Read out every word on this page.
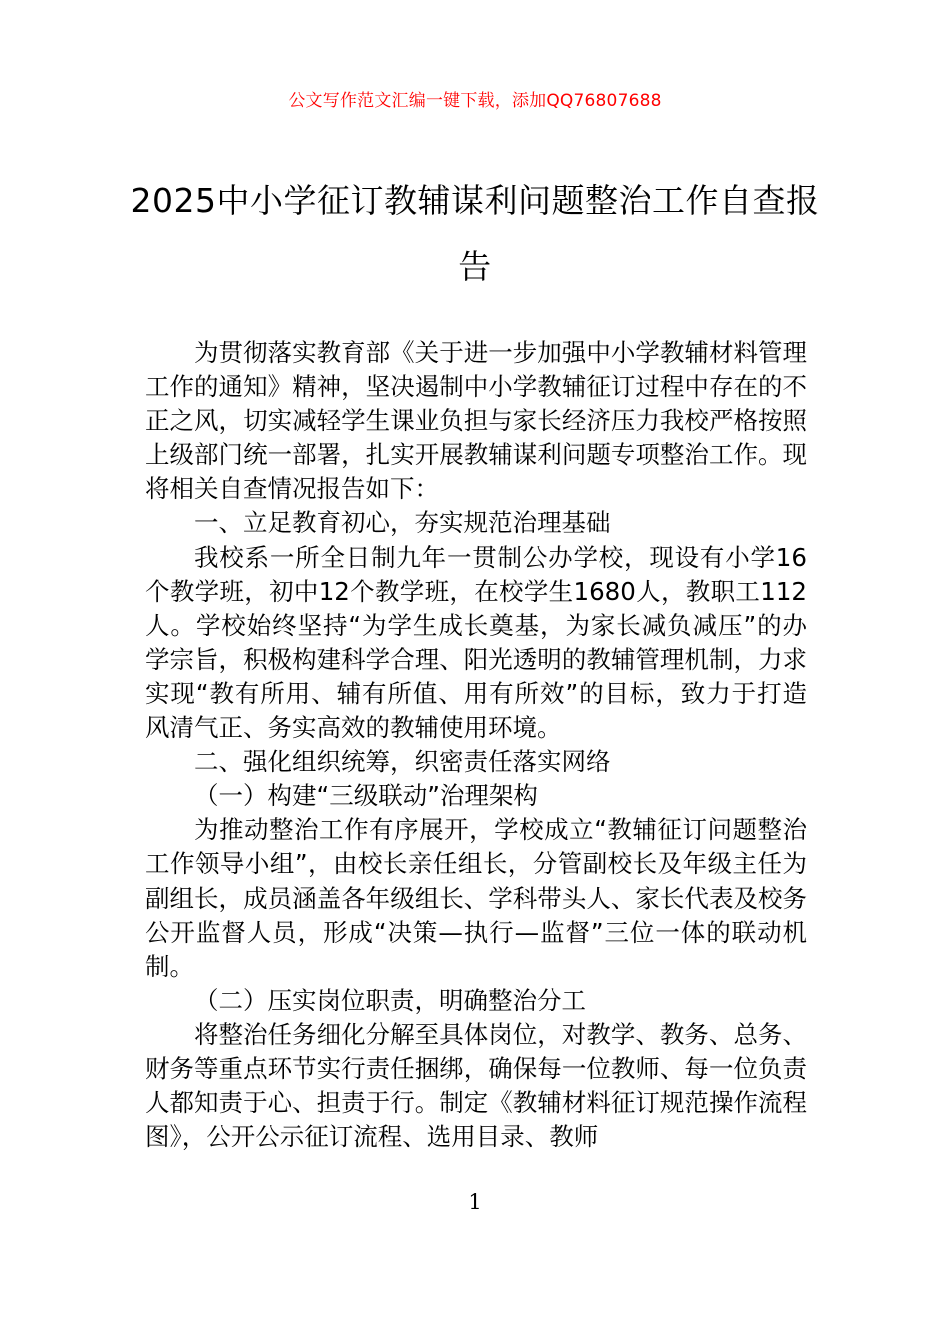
公文写作范文汇编一键下载，添加QQ76807688
2025中小学征订教辅谋利问题整治工作自查报告

为贯彻落实教育部《关于进一步加强中小学教辅材料管理工作的通知》精神，坚决遏制中小学教辅征订过程中存在的不正之风，切实减轻学生课业负担与家长经济压力我校严格按照上级部门统一部署，扎实开展教辅谋利问题专项整治工作。现将相关自查情况报告如下：

一、立足教育初心，夯实规范治理基础

我校系一所全日制九年一贯制公办学校，现设有小学16个教学班，初中12个教学班，在校学生1680人，教职工112人。学校始终坚持“为学生成长奠基，为家长减负减压”的办学宗旨，积极构建科学合理、阳光透明的教辅管理机制，力求实现“教有所用、辅有所值、用有所效”的目标，致力于打造风清气正、务实高效的教辅使用环境。

二、强化组织统筹，织密责任落实网络

（一）构建“三级联动”治理架构

为推动整治工作有序展开，学校成立“教辅征订问题整治工作领导小组”，由校长亲任组长，分管副校长及年级主任为副组长，成员涵盖各年级组长、学科带头人、家长代表及校务公开监督人员，形成“决策—执行—监督”三位一体的联动机制。

（二）压实岗位职责，明确整治分工

将整治任务细化分解至具体岗位，对教学、教务、总务、财务等重点环节实行责任捆绑，确保每一位教师、每一位负责人都知责于心、担责于行。制定《教辅材料征订规范操作流程图》，公开公示征订流程、选用目录、教师

1
